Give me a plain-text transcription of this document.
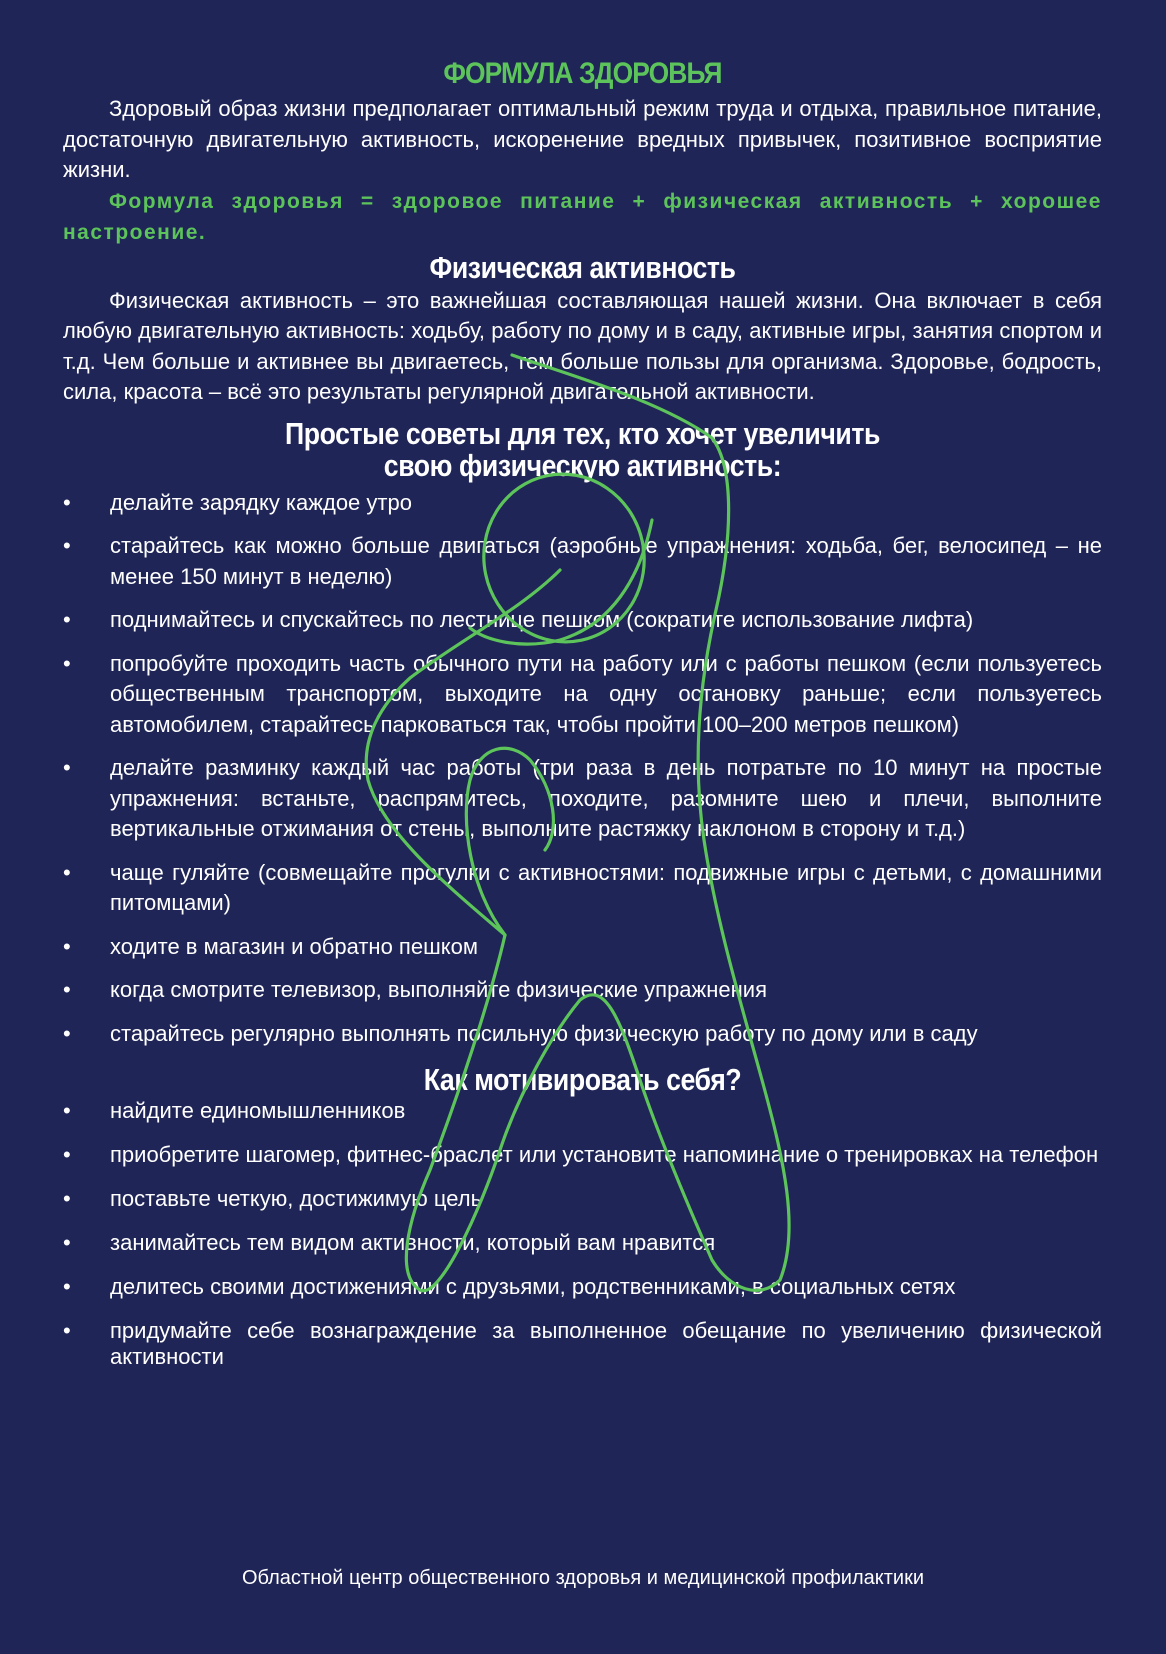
ФОРМУЛА ЗДОРОВЬЯ

Здоровый образ жизни предполагает оптимальный режим труда и отдыха, правильное питание, достаточную двигательную активность, искоренение вредных привычек, позитивное восприятие жизни.

Формула здоровья = здоровое питание + физическая активность + хорошее настроение.

Физическая активность

Физическая активность – это важнейшая составляющая нашей жизни. Она включает в себя любую двигательную активность: ходьбу, работу по дому и в саду, активные игры, занятия спортом и т.д. Чем больше и активнее вы двигаетесь, тем больше пользы для организма. Здоровье, бодрость, сила, красота – всё это результаты регулярной двигательной активности.

Простые советы для тех, кто хочет увеличить
свою физическую активность:
• делайте зарядку каждое утро
• старайтесь как можно больше двигаться (аэробные упражнения: ходьба, бег, велосипед – не менее 150 минут в неделю)
• поднимайтесь и спускайтесь по лестнице пешком (сократите использование лифта)
• попробуйте проходить часть обычного пути на работу или с работы пешком (если пользуетесь общественным транспортом, выходите на одну остановку раньше; если пользуетесь автомобилем, старайтесь парковаться так, чтобы пройти 100–200 метров пешком)
• делайте разминку каждый час работы (три раза в день потратьте по 10 минут на простые упражнения: встаньте, распрямитесь, походите, разомните шею и плечи, выполните вертикальные отжимания от стены, выполните растяжку наклоном в сторону и т.д.)
• чаще гуляйте (совмещайте прогулки с активностями: подвижные игры с детьми, с домашними питомцами)
• ходите в магазин и обратно пешком
• когда смотрите телевизор, выполняйте физические упражнения
• старайтесь регулярно выполнять посильную физическую работу по дому или в саду
Как мотивировать себя?
• найдите единомышленников
• приобретите шагомер, фитнес-браслет или установите напоминание о тренировках на телефон
• поставьте четкую, достижимую цель
• занимайтесь тем видом активности, который вам нравится
• делитесь своими достижениями с друзьями, родственниками, в социальных сетях
• придумайте себе вознаграждение за выполненное обещание по увеличению физической активности
Областной центр общественного здоровья и медицинской профилактики
